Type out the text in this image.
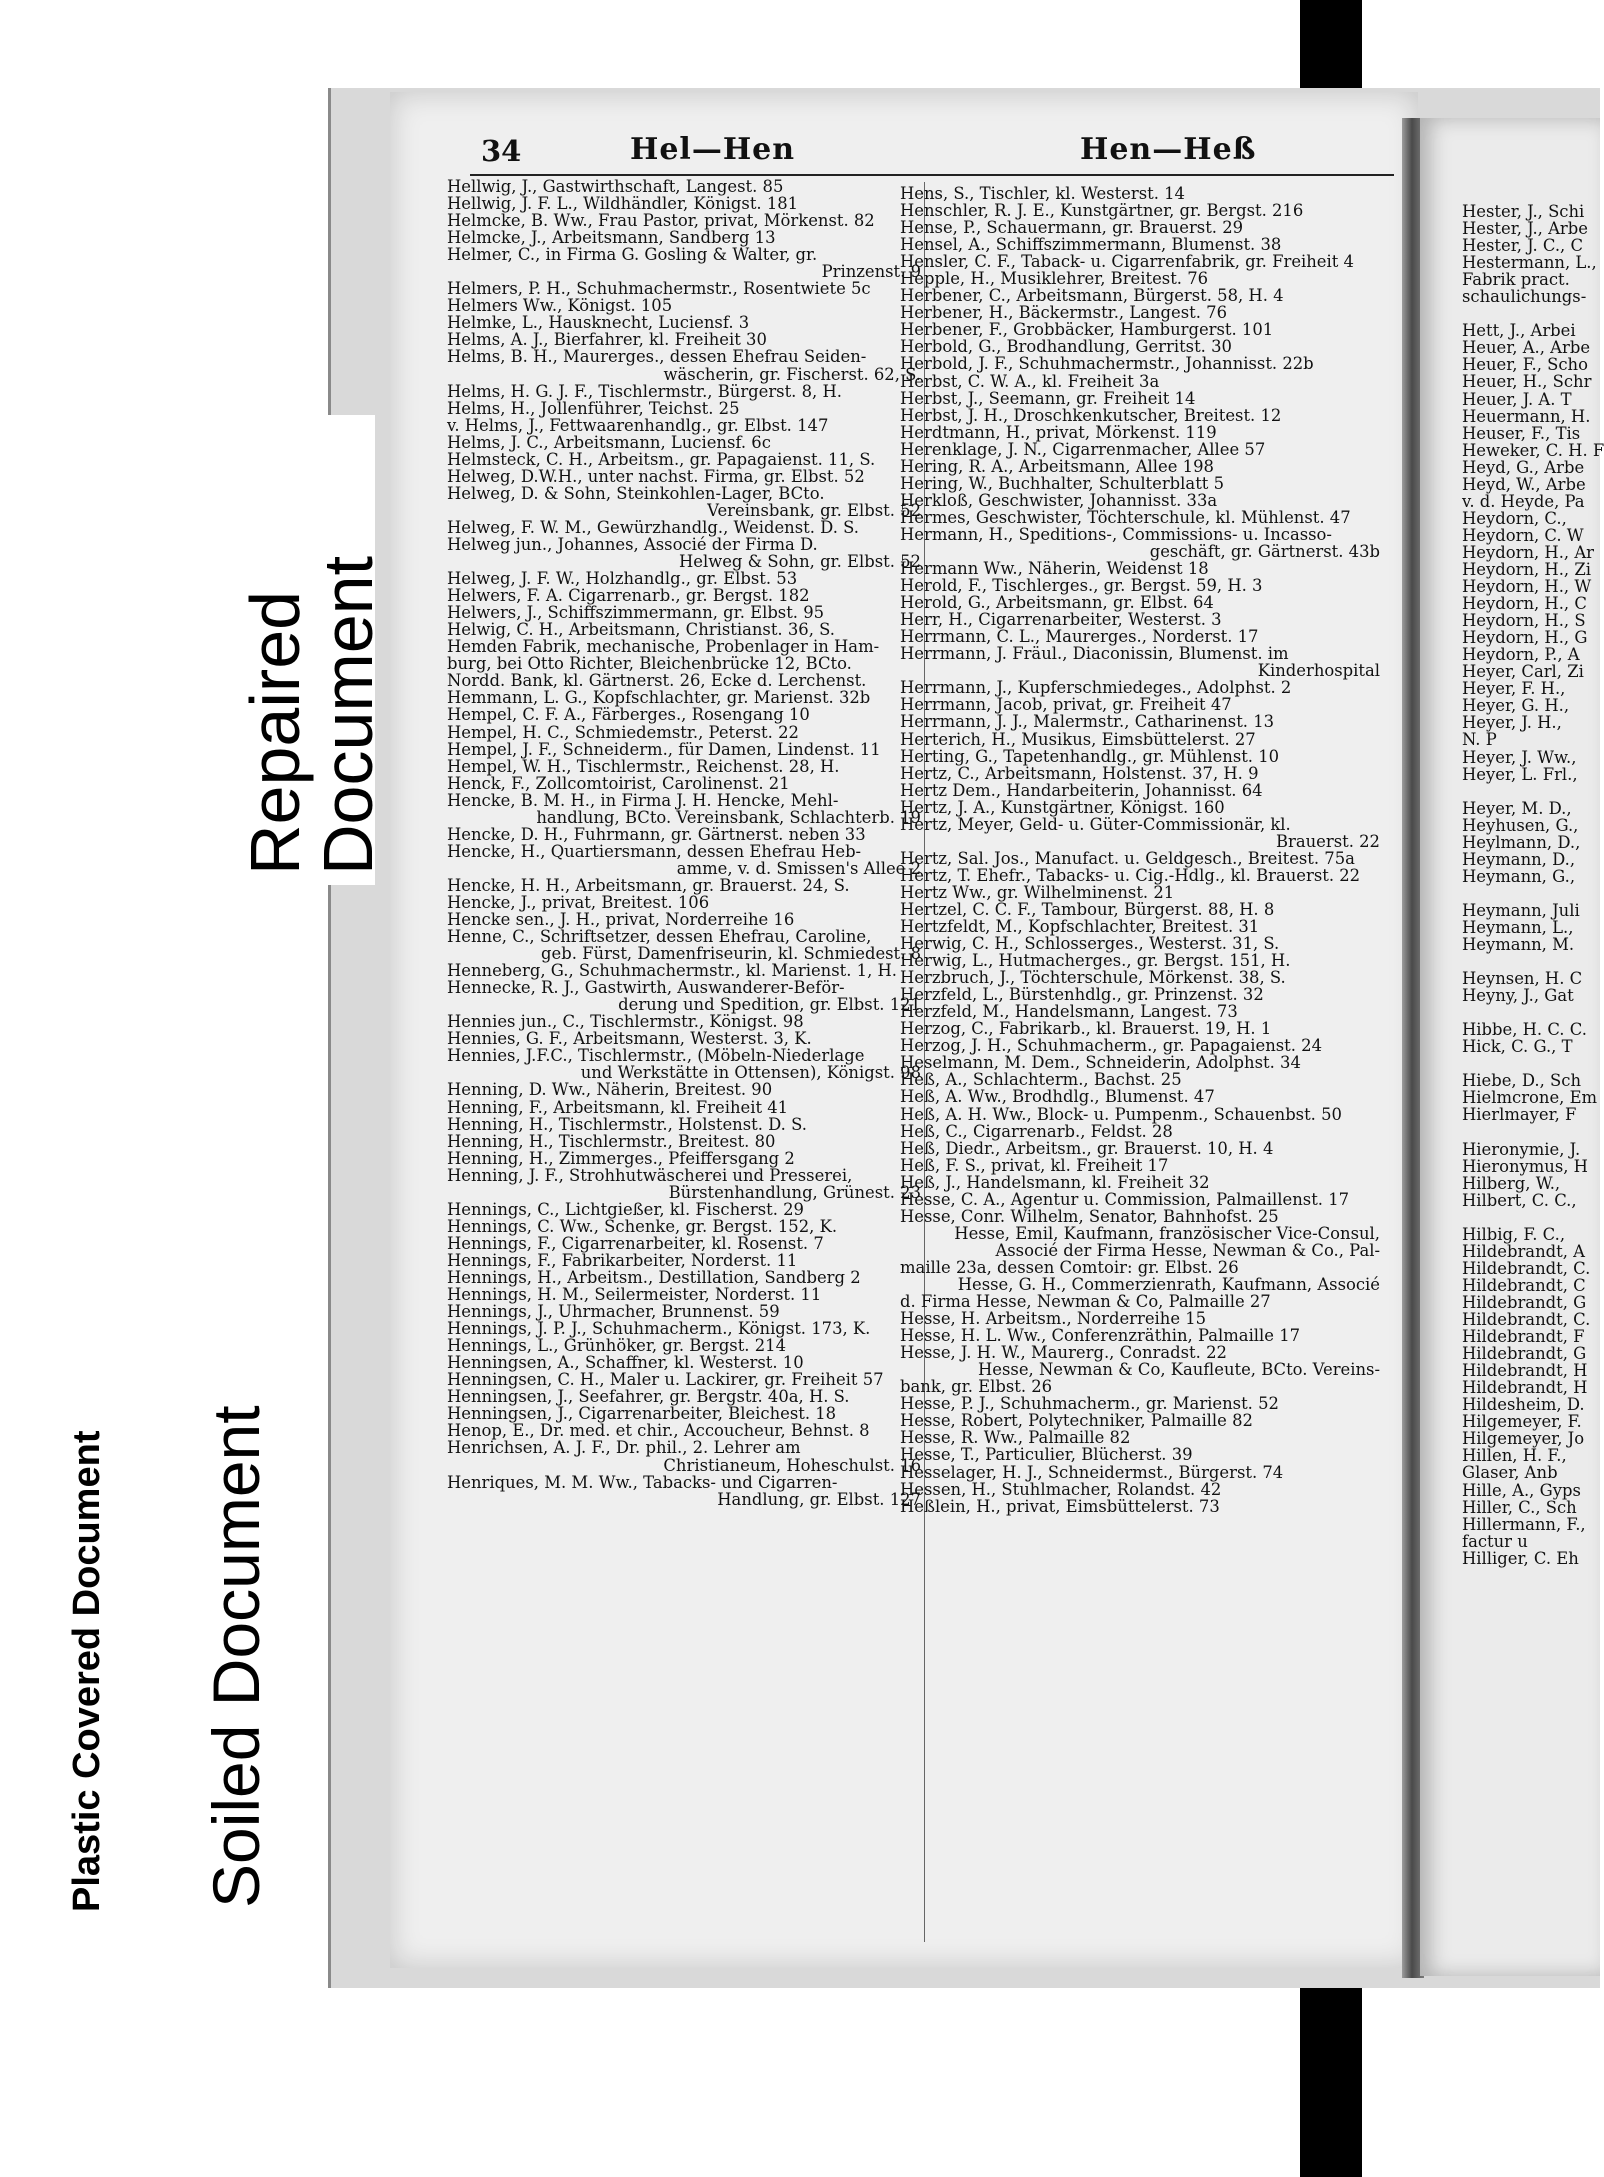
Repaired
Document
Plastic Covered Document Soiled Document
34	Hel—Hen	Hen—Heß
Hellwig, J., Gastwirthschaft, Langest. 85
Hellwig, J. F. L., Wildhändler, Königst. 181
Helmcke, B. Ww., Frau Pastor, privat, Mörkenst. 82
Helmcke, J., Arbeitsmann, Sandberg 13
Helmer, C., in Firma G. Gosling & Walter, gr.
Prinzenst. 9
Helmers, P. H., Schuhmachermstr., Rosentwiete 5c
Helmers Ww., Königst. 105
Helmke, L., Hausknecht, Luciensf. 3
Helms, A. J., Bierfahrer, kl. Freiheit 30
Helms, B. H., Maurerges., dessen Ehefrau Seiden-
wäscherin, gr. Fischerst. 62, S.
Helms, H. G. J. F., Tischlermstr., Bürgerst. 8, H.
Helms, H., Jollenführer, Teichst. 25
v. Helms, J., Fettwaarenhandlg., gr. Elbst. 147
Helms, J. C., Arbeitsmann, Luciensf. 6c
Helmsteck, C. H., Arbeitsm., gr. Papagaienst. 11, S.
Helweg, D.W.H., unter nachst. Firma, gr. Elbst. 52
Helweg, D. & Sohn, Steinkohlen-Lager, BCto.
Vereinsbank, gr. Elbst. 52
Helweg, F. W. M., Gewürzhandlg., Weidenst. D. S.
Helweg jun., Johannes, Associé der Firma D.
Helweg & Sohn, gr. Elbst. 52
Helweg, J. F. W., Holzhandlg., gr. Elbst. 53
Helwers, F. A. Cigarrenarb., gr. Bergst. 182
Helwers, J., Schiffszimmermann, gr. Elbst. 95
Helwig, C. H., Arbeitsmann, Christianst. 36, S.
Hemden Fabrik, mechanische, Probenlager in Ham-
burg, bei Otto Richter, Bleichenbrücke 12, BCto.
Nordd. Bank, kl. Gärtnerst. 26, Ecke d. Lerchenst.
Hemmann, L. G., Kopfschlachter, gr. Marienst. 32b
Hempel, C. F. A., Färberges., Rosengang 10
Hempel, H. C., Schmiedemstr., Peterst. 22
Hempel, J. F., Schneiderm., für Damen, Lindenst. 11
Hempel, W. H., Tischlermstr., Reichenst. 28, H.
Henck, F., Zollcomtoirist, Carolinenst. 21
Hencke, B. M. H., in Firma J. H. Hencke, Mehl-
handlung, BCto. Vereinsbank, Schlachterb. 19
Hencke, D. H., Fuhrmann, gr. Gärtnerst. neben 33
Hencke, H., Quartiersmann, dessen Ehefrau Heb-
amme, v. d. Smissen's Allee 2
Hencke, H. H., Arbeitsmann, gr. Brauerst. 24, S.
Hencke, J., privat, Breitest. 106
Hencke sen., J. H., privat, Norderreihe 16
Henne, C., Schriftsetzer, dessen Ehefrau, Caroline,
geb. Fürst, Damenfriseurin, kl. Schmiedest. 8
Henneberg, G., Schuhmachermstr., kl. Marienst. 1, H.
Hennecke, R. J., Gastwirth, Auswanderer-Beför-
derung und Spedition, gr. Elbst. 121
Hennies jun., C., Tischlermstr., Königst. 98
Hennies, G. F., Arbeitsmann, Westerst. 3, K.
Hennies, J.F.C., Tischlermstr., (Möbeln-Niederlage
und Werkstätte in Ottensen), Königst. 98
Henning, D. Ww., Näherin, Breitest. 90
Henning, F., Arbeitsmann, kl. Freiheit 41
Henning, H., Tischlermstr., Holstenst. D. S.
Henning, H., Tischlermstr., Breitest. 80
Henning, H., Zimmerges., Pfeiffersgang 2
Henning, J. F., Strohhutwäscherei und Presserei,
Bürstenhandlung, Grünest. 23
Hennings, C., Lichtgießer, kl. Fischerst. 29
Hennings, C. Ww., Schenke, gr. Bergst. 152, K.
Hennings, F., Cigarrenarbeiter, kl. Rosenst. 7
Hennings, F., Fabrikarbeiter, Norderst. 11
Hennings, H., Arbeitsm., Destillation, Sandberg 2
Hennings, H. M., Seilermeister, Norderst. 11
Hennings, J., Uhrmacher, Brunnenst. 59
Hennings, J. P. J., Schuhmacherm., Königst. 173, K.
Hennings, L., Grünhöker, gr. Bergst. 214
Henningsen, A., Schaffner, kl. Westerst. 10
Henningsen, C. H., Maler u. Lackirer, gr. Freiheit 57
Henningsen, J., Seefahrer, gr. Bergstr. 40a, H. S.
Henningsen, J., Cigarrenarbeiter, Bleichest. 18
Henop, E., Dr. med. et chir., Accoucheur, Behnst. 8
Henrichsen, A. J. F., Dr. phil., 2. Lehrer am
Christianeum, Hoheschulst. 16
Henriques, M. M. Ww., Tabacks- und Cigarren-
Handlung, gr. Elbst. 127
Hens, S., Tischler, kl. Westerst. 14
Henschler, R. J. E., Kunstgärtner, gr. Bergst. 216
Hense, P., Schauermann, gr. Brauerst. 29
Hensel, A., Schiffszimmermann, Blumenst. 38
Hensler, C. F., Taback- u. Cigarrenfabrik, gr. Freiheit 4
Hepple, H., Musiklehrer, Breitest. 76
Herbener, C., Arbeitsmann, Bürgerst. 58, H. 4
Herbener, H., Bäckermstr., Langest. 76
Herbener, F., Grobbäcker, Hamburgerst. 101
Herbold, G., Brodhandlung, Gerritst. 30
Herbold, J. F., Schuhmachermstr., Johannisst. 22b
Herbst, C. W. A., kl. Freiheit 3a
Herbst, J., Seemann, gr. Freiheit 14
Herbst, J. H., Droschkenkutscher, Breitest. 12
Herdtmann, H., privat, Mörkenst. 119
Herenklage, J. N., Cigarrenmacher, Allee 57
Hering, R. A., Arbeitsmann, Allee 198
Hering, W., Buchhalter, Schulterblatt 5
Herkloß, Geschwister, Johannisst. 33a
Hermes, Geschwister, Töchterschule, kl. Mühlenst. 47
Hermann, H., Speditions-, Commissions- u. Incasso-
geschäft, gr. Gärtnerst. 43b
Hermann Ww., Näherin, Weidenst 18
Herold, F., Tischlerges., gr. Bergst. 59, H. 3
Herold, G., Arbeitsmann, gr. Elbst. 64
Herr, H., Cigarrenarbeiter, Westerst. 3
Herrmann, C. L., Maurerges., Norderst. 17
Herrmann, J. Fräul., Diaconissin, Blumenst. im
Kinderhospital
Herrmann, J., Kupferschmiedeges., Adolphst. 2
Herrmann, Jacob, privat, gr. Freiheit 47
Herrmann, J. J., Malermstr., Catharinenst. 13
Herterich, H., Musikus, Eimsbüttelerst. 27
Herting, G., Tapetenhandlg., gr. Mühlenst. 10
Hertz, C., Arbeitsmann, Holstenst. 37, H. 9
Hertz Dem., Handarbeiterin, Johannisst. 64
Hertz, J. A., Kunstgärtner, Königst. 160
Hertz, Meyer, Geld- u. Güter-Commissionär, kl.
Brauerst. 22
Hertz, Sal. Jos., Manufact. u. Geldgesch., Breitest. 75a
Hertz, T. Ehefr., Tabacks- u. Cig.-Hdlg., kl. Brauerst. 22
Hertz Ww., gr. Wilhelminenst. 21
Hertzel, C. C. F., Tambour, Bürgerst. 88, H. 8
Hertzfeldt, M., Kopfschlachter, Breitest. 31
Herwig, C. H., Schlosserges., Westerst. 31, S.
Herwig, L., Hutmacherges., gr. Bergst. 151, H.
Herzbruch, J., Töchterschule, Mörkenst. 38, S.
Herzfeld, L., Bürstenhdlg., gr. Prinzenst. 32
Herzfeld, M., Handelsmann, Langest. 73
Herzog, C., Fabrikarb., kl. Brauerst. 19, H. 1
Herzog, J. H., Schuhmacherm., gr. Papagaienst. 24
Heselmann, M. Dem., Schneiderin, Adolphst. 34
Heß, A., Schlachterm., Bachst. 25
Heß, A. Ww., Brodhdlg., Blumenst. 47
Heß, A. H. Ww., Block- u. Pumpenm., Schauenbst. 50
Heß, C., Cigarrenarb., Feldst. 28
Heß, Diedr., Arbeitsm., gr. Brauerst. 10, H. 4
Heß, F. S., privat, kl. Freiheit 17
Heß, J., Handelsmann, kl. Freiheit 32
Hesse, C. A., Agentur u. Commission, Palmaillenst. 17
Hesse, Conr. Wilhelm, Senator, Bahnhofst. 25
Hesse, Emil, Kaufmann, französischer Vice-Consul,
Associé der Firma Hesse, Newman & Co., Pal-
maille 23a, dessen Comtoir: gr. Elbst. 26
Hesse, G. H., Commerzienrath, Kaufmann, Associé
d. Firma Hesse, Newman & Co, Palmaille 27
Hesse, H. Arbeitsm., Norderreihe 15
Hesse, H. L. Ww., Conferenzräthin, Palmaille 17
Hesse, J. H. W., Maurerg., Conradst. 22
Hesse, Newman & Co, Kaufleute, BCto. Vereins-
bank, gr. Elbst. 26
Hesse, P. J., Schuhmacherm., gr. Marienst. 52
Hesse, Robert, Polytechniker, Palmaille 82
Hesse, R. Ww., Palmaille 82
Hesse, T., Particulier, Blücherst. 39
Hesselager, H. J., Schneidermst., Bürgerst. 74
Hessen, H., Stuhlmacher, Rolandst. 42
Heßlein, H., privat, Eimsbüttelerst. 73
Hester, J., Schi
Hester, J., Arbe
Hester, J. C., C
Hestermann, L.,
Fabrik pract.
schaulichungs-

Hett, J., Arbei
Heuer, A., Arbe
Heuer, F., Scho
Heuer, H., Schr
Heuer, J. A. T
Heuermann, H.
Heuser, F., Tis
Heweker, C. H. F
Heyd, G., Arbe
Heyd, W., Arbe
v. d. Heyde, Pa
Heydorn, C.,
Heydorn, C. W
Heydorn, H., Ar
Heydorn, H., Zi
Heydorn, H., W
Heydorn, H., C
Heydorn, H., S
Heydorn, H., G
Heydorn, P., A
Heyer, Carl, Zi
Heyer, F. H.,
Heyer, G. H.,
Heyer, J. H.,
N. P
Heyer, J. Ww.,
Heyer, L. Frl.,

Heyer, M. D.,
Heyhusen, G.,
Heylmann, D.,
Heymann, D.,
Heymann, G.,

Heymann, Juli
Heymann, L.,
Heymann, M.

Heynsen, H. C
Heyny, J., Gat

Hibbe, H. C. C.
Hick, C. G., T

Hiebe, D., Sch
Hielmcrone, Em
Hierlmayer, F

Hieronymie, J.
Hieronymus, H
Hilberg, W.,
Hilbert, C. C.,

Hilbig, F. C.,
Hildebrandt, A
Hildebrandt, C.
Hildebrandt, C
Hildebrandt, G
Hildebrandt, C.
Hildebrandt, F
Hildebrandt, G
Hildebrandt, H
Hildebrandt, H
Hildesheim, D.
Hilgemeyer, F.
Hilgemeyer, Jo
Hillen, H. F.,
Glaser, Anb
Hille, A., Gyps
Hiller, C., Sch
Hillermann, F.,
factur u
Hilliger, C. Eh
